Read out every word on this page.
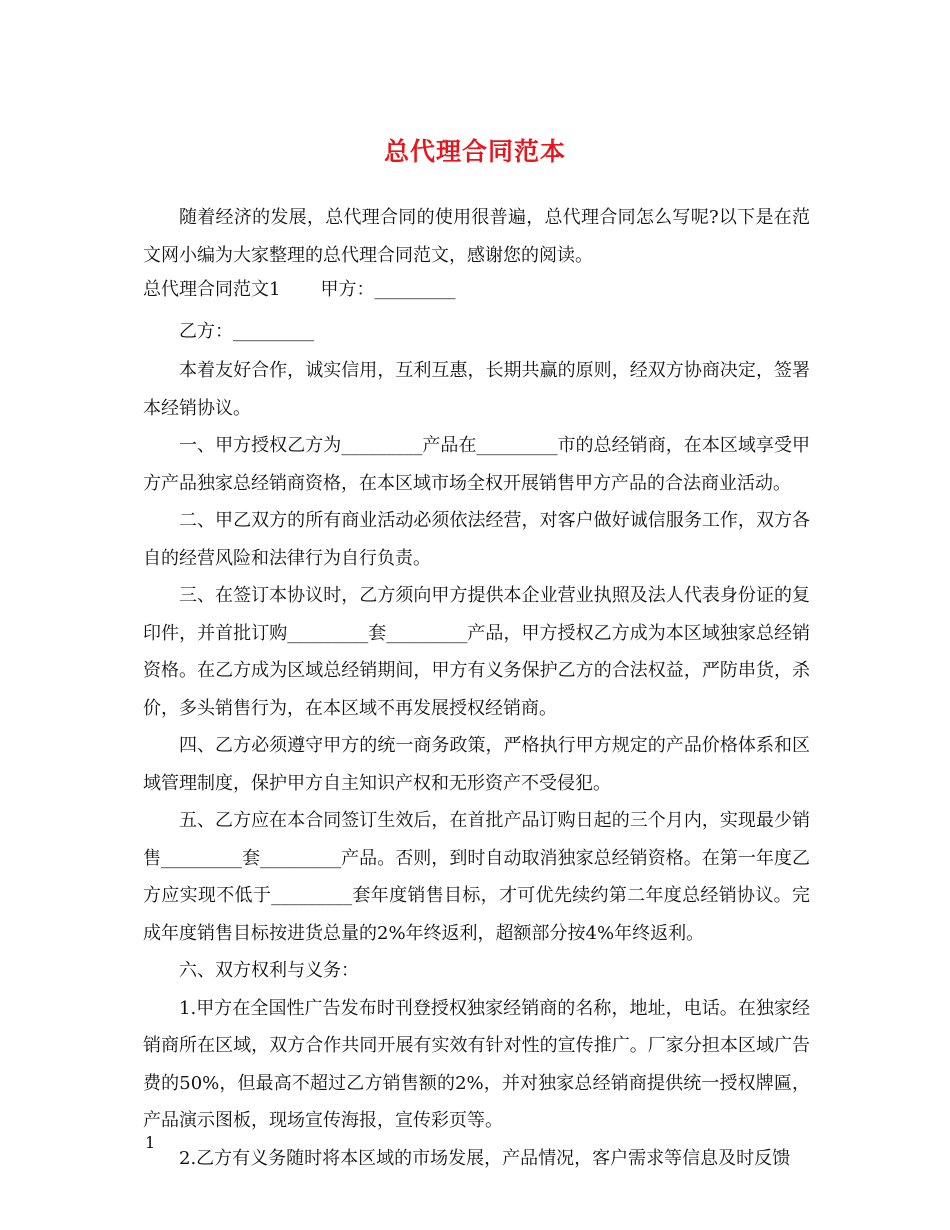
总代理合同范本

随着经济的发展，总代理合同的使用很普遍，总代理合同怎么写呢?以下是在范文网小编为大家整理的总代理合同范文，感谢您的阅读。

总代理合同范文1 甲方：_________

乙方：_________

本着友好合作，诚实信用，互利互惠，长期共赢的原则，经双方协商决定，签署本经销协议。

一、甲方授权乙方为_________产品在_________市的总经销商，在本区域享受甲方产品独家总经销商资格，在本区域市场全权开展销售甲方产品的合法商业活动。

二、甲乙双方的所有商业活动必须依法经营，对客户做好诚信服务工作，双方各自的经营风险和法律行为自行负责。

三、在签订本协议时，乙方须向甲方提供本企业营业执照及法人代表身份证的复印件，并首批订购_________套_________产品，甲方授权乙方成为本区域独家总经销资格。在乙方成为区域总经销期间，甲方有义务保护乙方的合法权益，严防串货，杀价，多头销售行为，在本区域不再发展授权经销商。

四、乙方必须遵守甲方的统一商务政策，严格执行甲方规定的产品价格体系和区域管理制度，保护甲方自主知识产权和无形资产不受侵犯。

五、乙方应在本合同签订生效后，在首批产品订购日起的三个月内，实现最少销售_________套_________产品。否则，到时自动取消独家总经销资格。在第一年度乙方应实现不低于_________套年度销售目标，才可优先续约第二年度总经销协议。完成年度销售目标按进货总量的2%年终返利，超额部分按4%年终返利。

六、双方权利与义务：

1.甲方在全国性广告发布时刊登授权独家经销商的名称，地址，电话。在独家经销商所在区域，双方合作共同开展有实效有针对性的宣传推广。厂家分担本区域广告费的50%，但最高不超过乙方销售额的2%，并对独家总经销商提供统一授权牌匾，产品演示图板，现场宣传海报，宣传彩页等。

2.乙方有义务随时将本区域的市场发展，产品情况，客户需求等信息及时反馈

1
